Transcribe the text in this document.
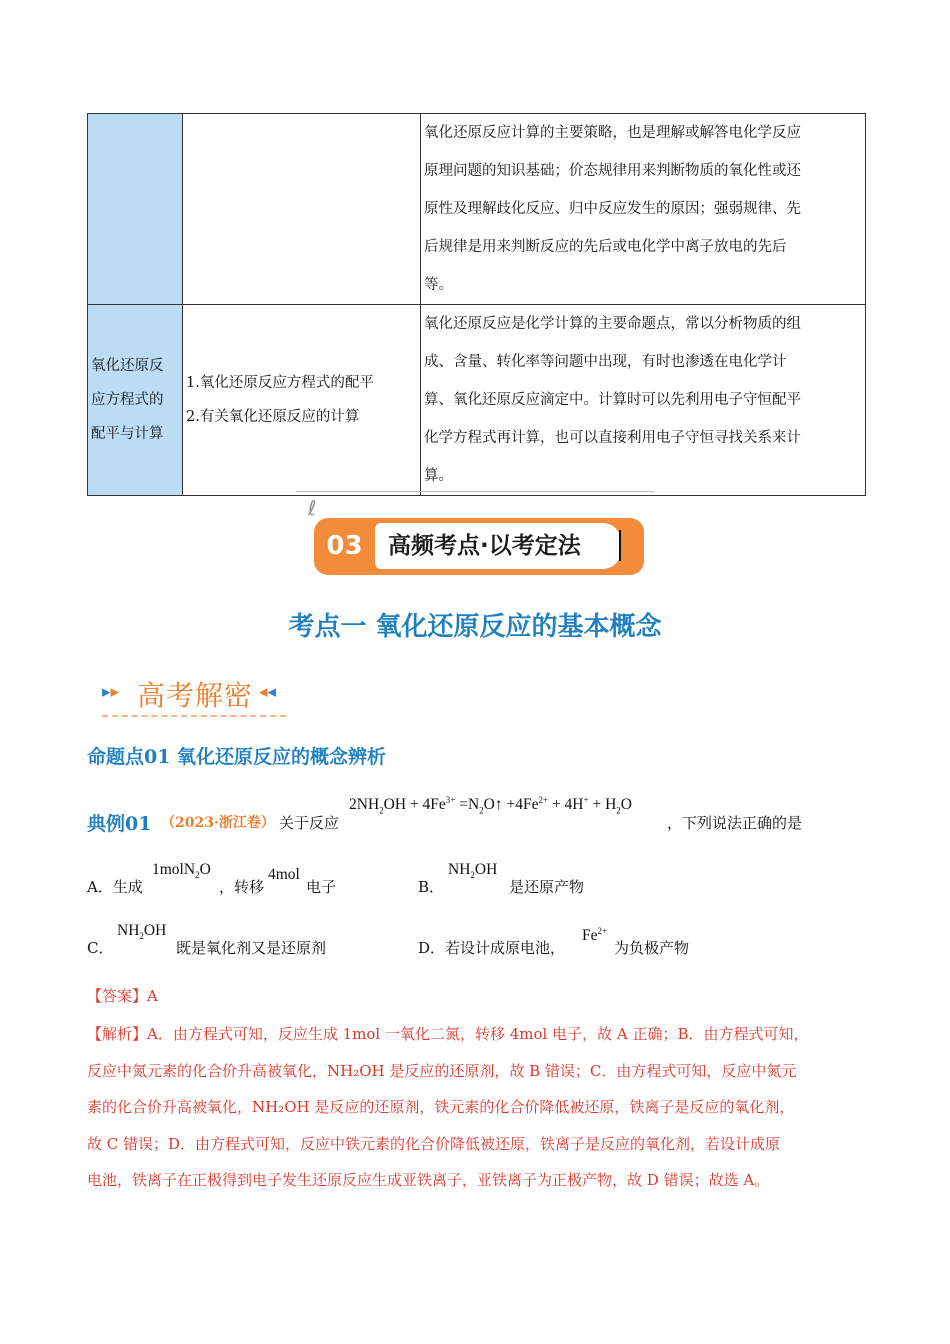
		氧化还原反应计算的主要策略，也是理解或解答电化学反应
原理问题的知识基础；价态规律用来判断物质的氧化性或还
原性及理解歧化反应、归中反应发生的原因；强弱规律、先
后规律是用来判断反应的先后或电化学中离子放电的先后
等。

氧化还原反
应方程式的
配平与计算	1.氧化还原反应方程式的配平
2.有关氧化还原反应的计算	氧化还原反应是化学计算的主要命题点，常以分析物质的组
成、含量、转化率等问题中出现，有时也渗透在电化学计
算、氧化还原反应滴定中。计算时可以先利用电子守恒配平
化学方程式再计算，也可以直接利用电子守恒寻找关系来计
算。
ℓ
03	高频考点·以考定法
考点一 氧化还原反应的基本概念
▸▸ 高考解密 ◂◂
命题点01 氧化还原反应的概念辨析
典例01 （2023·浙江卷） 关于反应
$2NH_2OH + 4Fe^{3+}$ $=N_2O↑ +4Fe^{2+} + 4H^+ + H_2O$
，下列说法正确的是
A．生成
1molN$_2$O
，转移
4mol
电子	B．
$NH_2OH$
是还原产物
C．
$NH_2OH$
既是氧化剂又是还原剂	D．若设计成原电池，
$Fe^{2+}$
为负极产物
【答案】A
【解析】A．由方程式可知，反应生成 1mol 一氧化二氮，转移 4mol 电子，故 A 正确；B．由方程式可知，
反应中氮元素的化合价升高被氧化，NH₂OH 是反应的还原剂，故 B 错误；C．由方程式可知，反应中氮元
素的化合价升高被氧化，NH₂OH 是反应的还原剂，铁元素的化合价降低被还原，铁离子是反应的氧化剂，
故 C 错误；D．由方程式可知，反应中铁元素的化合价降低被还原，铁离子是反应的氧化剂，若设计成原
电池，铁离子在正极得到电子发生还原反应生成亚铁离子，亚铁离子为正极产物，故 D 错误；故选 A。
